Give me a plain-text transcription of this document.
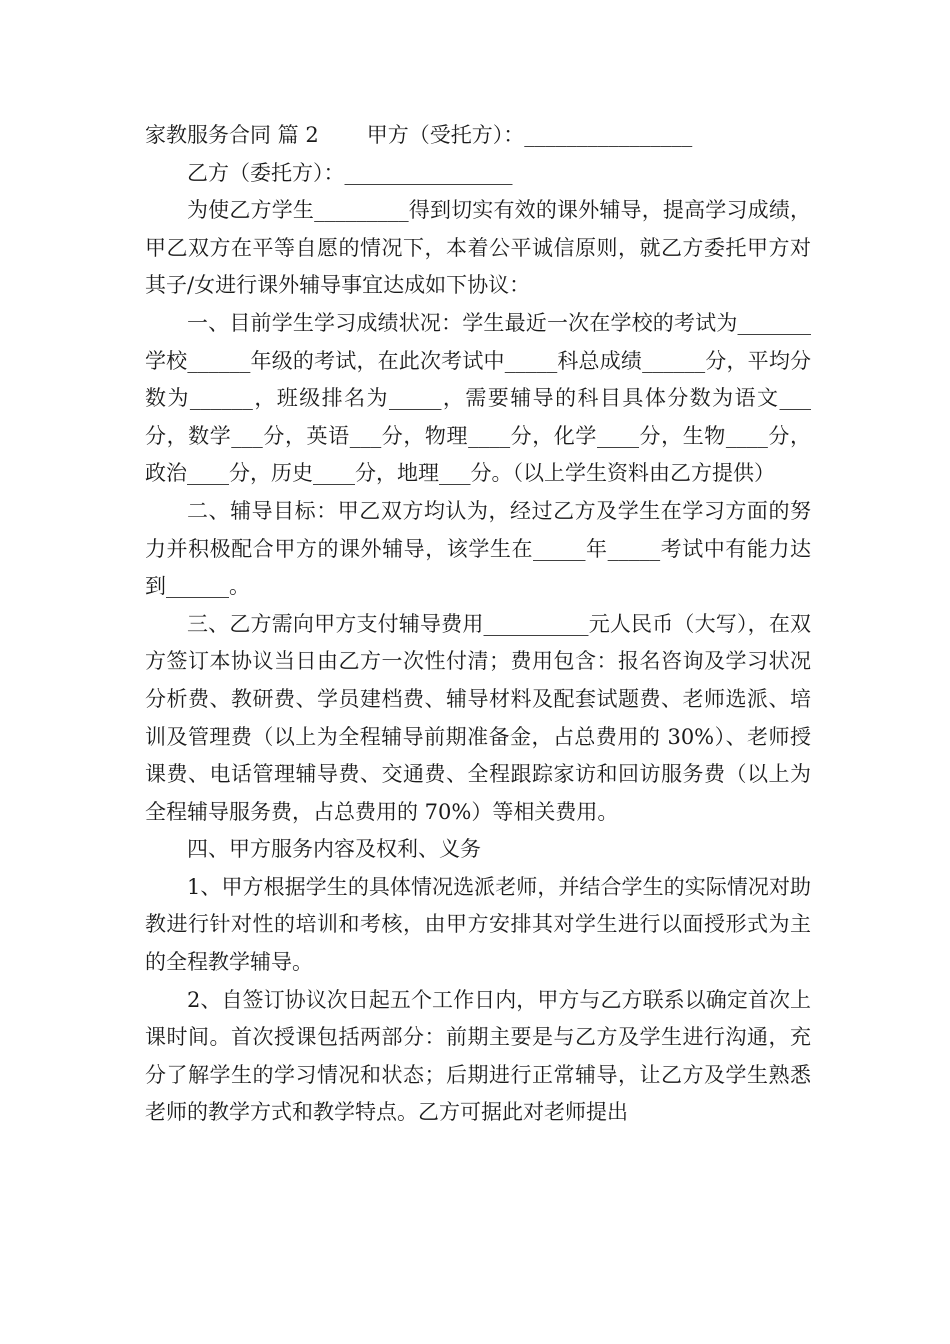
家教服务合同 篇 2 甲方（受托方）：________________

乙方（委托方）：________________

为使乙方学生_________得到切实有效的课外辅导，提高学习成绩，甲乙双方在平等自愿的情况下，本着公平诚信原则，就乙方委托甲方对其子/女进行课外辅导事宜达成如下协议：

一、目前学生学习成绩状况：学生最近一次在学校的考试为_______学校______年级的考试，在此次考试中_____科总成绩______分，平均分数为______，班级排名为_____，需要辅导的科目具体分数为语文___分，数学___分，英语___分，物理____分，化学____分，生物____分，政治____分，历史____分，地理___分。（以上学生资料由乙方提供）

二、辅导目标：甲乙双方均认为，经过乙方及学生在学习方面的努力并积极配合甲方的课外辅导，该学生在_____年_____考试中有能力达到______。

三、乙方需向甲方支付辅导费用__________元人民币（大写），在双方签订本协议当日由乙方一次性付清；费用包含：报名咨询及学习状况分析费、教研费、学员建档费、辅导材料及配套试题费、老师选派、培训及管理费（以上为全程辅导前期准备金，占总费用的 30%）、老师授课费、电话管理辅导费、交通费、全程跟踪家访和回访服务费（以上为全程辅导服务费，占总费用的 70%）等相关费用。

四、甲方服务内容及权利、义务

1、甲方根据学生的具体情况选派老师，并结合学生的实际情况对助教进行针对性的培训和考核，由甲方安排其对学生进行以面授形式为主的全程教学辅导。

2、自签订协议次日起五个工作日内，甲方与乙方联系以确定首次上课时间。首次授课包括两部分：前期主要是与乙方及学生进行沟通，充分了解学生的学习情况和状态；后期进行正常辅导，让乙方及学生熟悉老师的教学方式和教学特点。乙方可据此对老师提出
